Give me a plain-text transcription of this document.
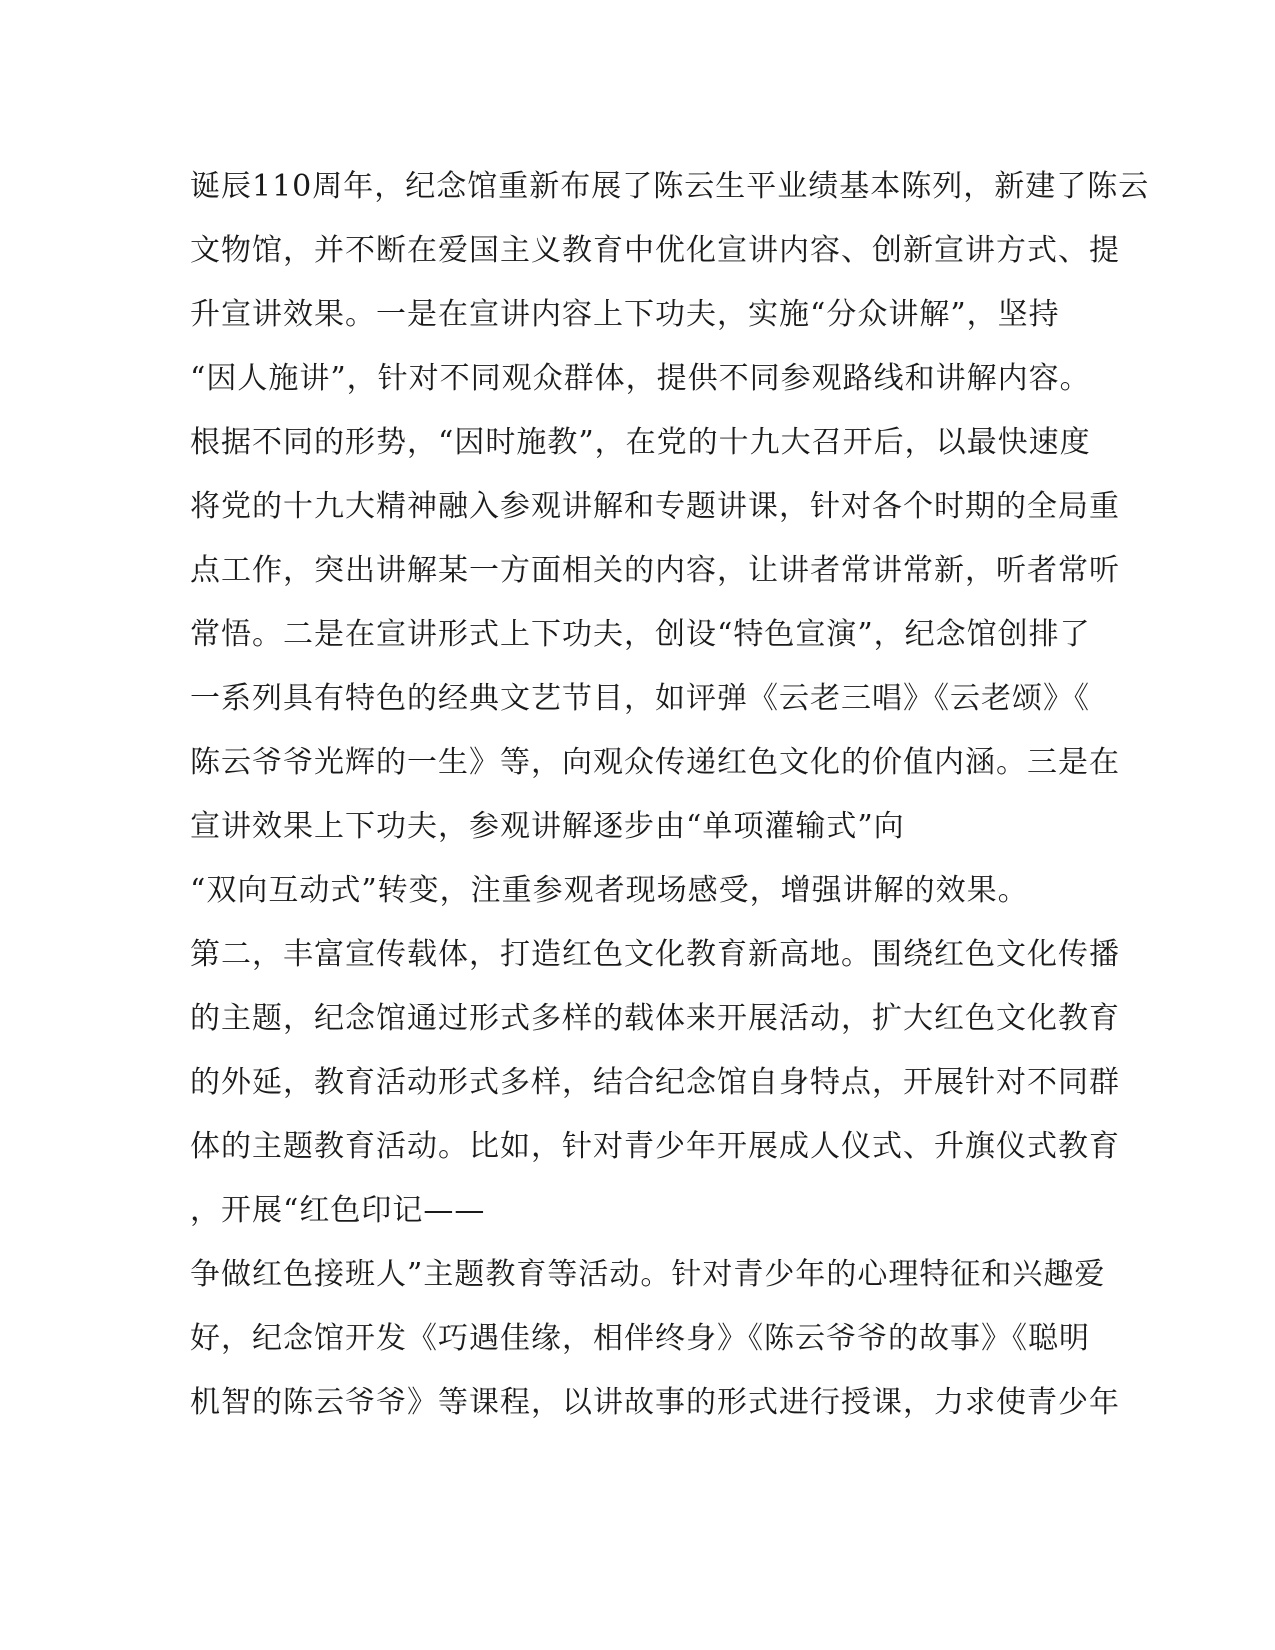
诞辰110周年，纪念馆重新布展了陈云生平业绩基本陈列，新建了陈云
文物馆，并不断在爱国主义教育中优化宣讲内容、创新宣讲方式、提
升宣讲效果。一是在宣讲内容上下功夫，实施“分众讲解”，坚持
“因人施讲”，针对不同观众群体，提供不同参观路线和讲解内容。
根据不同的形势，“因时施教”，在党的十九大召开后，以最快速度
将党的十九大精神融入参观讲解和专题讲课，针对各个时期的全局重
点工作，突出讲解某一方面相关的内容，让讲者常讲常新，听者常听
常悟。二是在宣讲形式上下功夫，创设“特色宣演”，纪念馆创排了
一系列具有特色的经典文艺节目，如评弹《云老三唱》《云老颂》《
陈云爷爷光辉的一生》等，向观众传递红色文化的价值内涵。三是在
宣讲效果上下功夫，参观讲解逐步由“单项灌输式”向
“双向互动式”转变，注重参观者现场感受，增强讲解的效果。
第二，丰富宣传载体，打造红色文化教育新高地。围绕红色文化传播
的主题，纪念馆通过形式多样的载体来开展活动，扩大红色文化教育
的外延，教育活动形式多样，结合纪念馆自身特点，开展针对不同群
体的主题教育活动。比如，针对青少年开展成人仪式、升旗仪式教育
，开展“红色印记——
争做红色接班人”主题教育等活动。针对青少年的心理特征和兴趣爱
好，纪念馆开发《巧遇佳缘，相伴终身》《陈云爷爷的故事》《聪明
机智的陈云爷爷》等课程，以讲故事的形式进行授课，力求使青少年
